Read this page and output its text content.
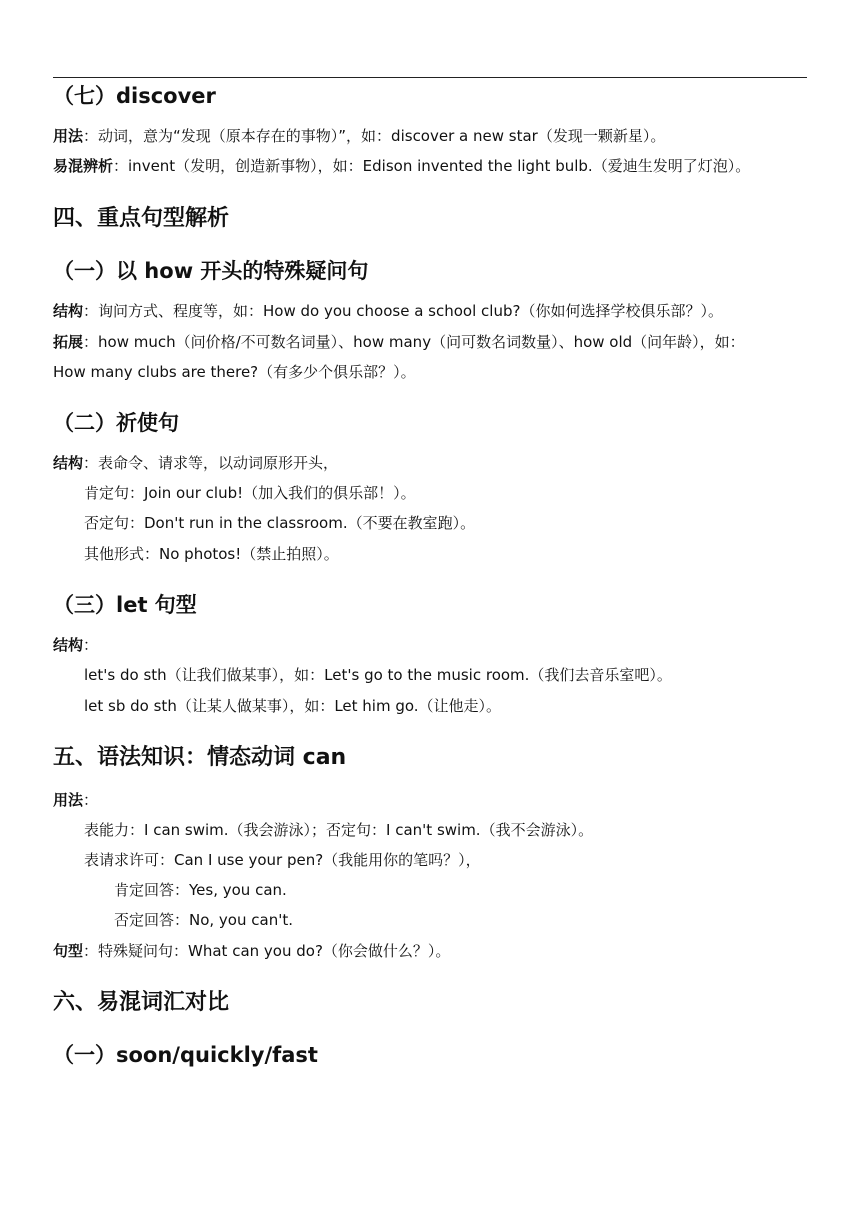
（七）discover
用法：动词，意为“发现（原本存在的事物）”，如：discover a new star（发现一颗新星）。
易混辨析：invent（发明，创造新事物），如：Edison invented the light bulb.（爱迪生发明了灯泡）。
四、重点句型解析
（一）以 how 开头的特殊疑问句
结构：询问方式、程度等，如：How do you choose a school club?（你如何选择学校俱乐部？）。
拓展：how much（问价格/不可数名词量）、how many（问可数名词数量）、how old（问年龄），如：
How many clubs are there?（有多少个俱乐部？）。
（二）祈使句
结构：表命令、请求等，以动词原形开头，
肯定句：Join our club!（加入我们的俱乐部！）。
否定句：Don't run in the classroom.（不要在教室跑）。
其他形式：No photos!（禁止拍照）。
（三）let 句型
结构：
let's do sth（让我们做某事），如：Let's go to the music room.（我们去音乐室吧）。
let sb do sth（让某人做某事），如：Let him go.（让他走）。
五、语法知识：情态动词 can
用法：
表能力：I can swim.（我会游泳）；否定句：I can't swim.（我不会游泳）。
表请求许可：Can I use your pen?（我能用你的笔吗？），
肯定回答：Yes, you can.
否定回答：No, you can't.
句型：特殊疑问句：What can you do?（你会做什么？）。
六、易混词汇对比
（一）soon/quickly/fast
